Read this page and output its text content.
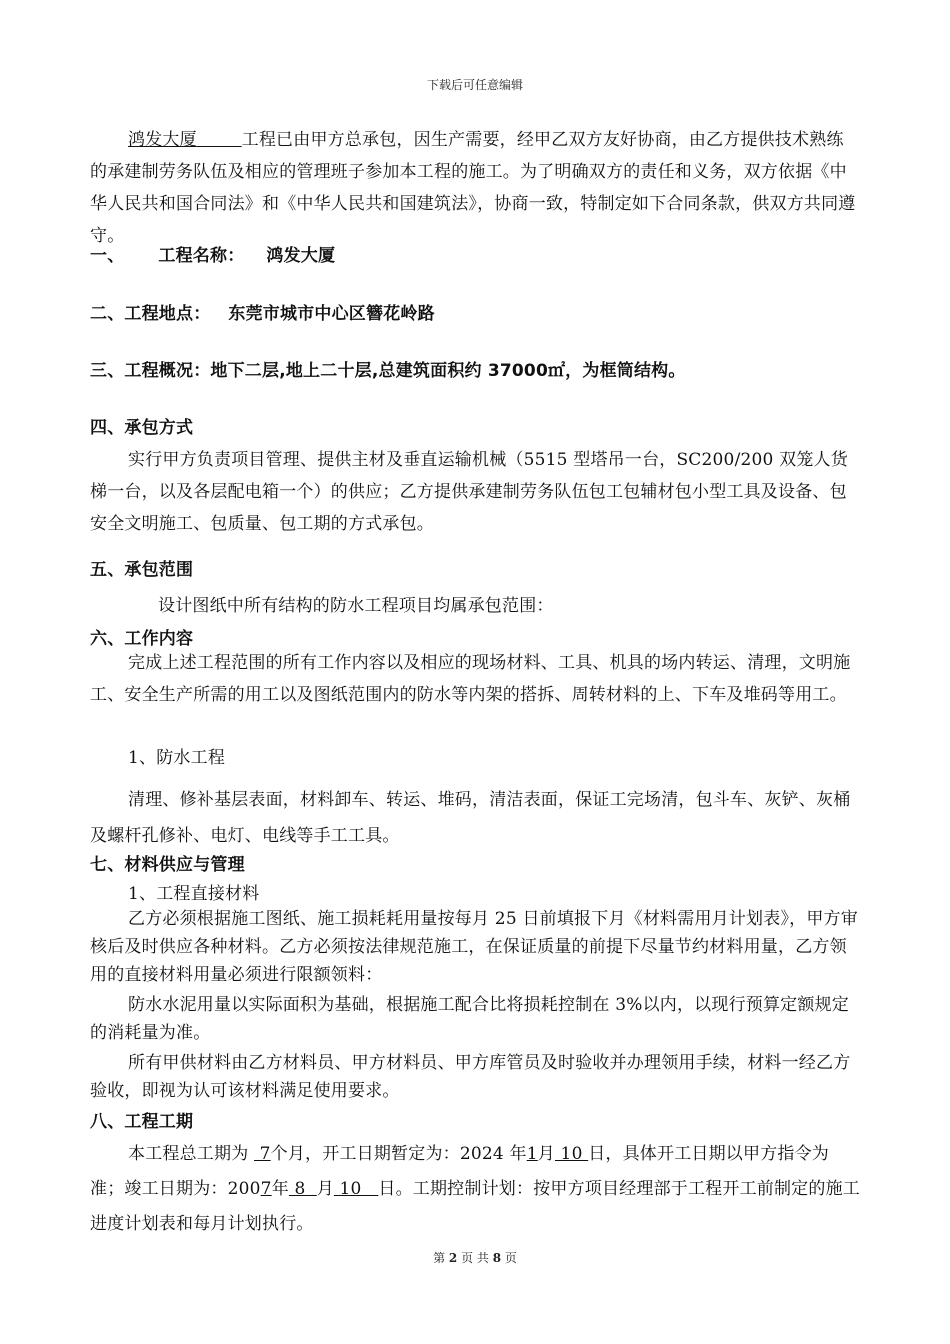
下载后可任意编辑
鸿发大厦	工程已由甲方总承包，因生产需要，经甲乙双方友好协商，由乙方提供技术熟练的承建制劳务队伍及相应的管理班子参加本工程的施工。为了明确双方的责任和义务，双方依据《中华人民共和国合同法》和《中华人民共和国建筑法》，协商一致，特制定如下合同条款，供双方共同遵守。
一、 工程名称： 鸿发大厦
二、工程地点： 东莞市城市中心区簪花岭路
三、工程概况：地下二层,地上二十层,总建筑面积约 37000㎡，为框筒结构。
四、承包方式
实行甲方负责项目管理、提供主材及垂直运输机械（5515 型塔吊一台，SC200/200 双笼人货梯一台，以及各层配电箱一个）的供应；乙方提供承建制劳务队伍包工包辅材包小型工具及设备、包安全文明施工、包质量、包工期的方式承包。
五、承包范围
设计图纸中所有结构的防水工程项目均属承包范围：
六、工作内容
完成上述工程范围的所有工作内容以及相应的现场材料、工具、机具的场内转运、清理，文明施工、安全生产所需的用工以及图纸范围内的防水等内架的搭拆、周转材料的上、下车及堆码等用工。
1、防水工程
清理、修补基层表面，材料卸车、转运、堆码，清洁表面，保证工完场清，包斗车、灰铲、灰桶及螺杆孔修补、电灯、电线等手工工具。
七、材料供应与管理
1、工程直接材料
乙方必须根据施工图纸、施工损耗耗用量按每月 25 日前填报下月《材料需用月计划表》，甲方审核后及时供应各种材料。乙方必须按法律规范施工，在保证质量的前提下尽量节约材料用量，乙方领用的直接材料用量必须进行限额领料：
防水水泥用量以实际面积为基础，根据施工配合比将损耗控制在 3%以内，以现行预算定额规定的消耗量为准。
所有甲供材料由乙方材料员、甲方材料员、甲方库管员及时验收并办理领用手续，材料一经乙方验收，即视为认可该材料满足使用要求。
八、工程工期
本工程总工期为  7个月，开工日期暂定为：2024 年1月 10 日，具体开工日期以甲方指令为准；竣工日期为：2007年 8  月 10   日。工期控制计划：按甲方项目经理部于工程开工前制定的施工进度计划表和每月计划执行。
第 2 页 共 8 页
